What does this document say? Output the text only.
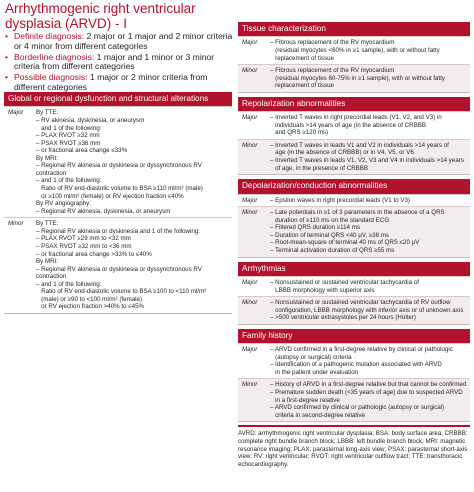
Arrhythmogenic right ventricular dysplasia (ARVD) - I
• Definite diagnosis: 2 major or 1 major and 2 minor criteria or 4 minor from different categories
• Borderline diagnosis: 1 major and 1 minor or 3 minor criteria from different categories
• Possible diagnosis: 1 major or 2 minor criteria from different categories
Global or regional dysfunction and structural alterations
Major	By TTE:
– RV akinesia, dyskinesia, or aneurysm
and 1 of the following:
– PLAX RVOT ≥32 mm
– PSAX RVOT ≥36 mm
– or fractional area change ≤33%
By MRI:
– Regional RV akinesia or dyskinesia or dyssynchronous RV contraction
– and 1 of the following:
Ratio of RV end-diastolic volume to BSA ≥110 ml/m² (male)
or ≥100 ml/m² (female) or RV ejection fraction ≤40%
By RV angiography:
– Regional RV akinesia, dyskinesia, or aneurysm
Minor	By TTE:
– Regional RV akinesia or dyskinesia and 1 of the following:
– PLAX RVOT ≥29 mm to <32 mm
– PSAX RVOT ≥32 mm to <36 mm
– or fractional area change >33% to ≤40%
By MRI:
– Regional RV akinesia or dyskinesia or dyssynchronous RV contraction
– and 1 of the following:
Ratio of RV end-diastolic volume to BSA ≥100 to <110 ml/m²
(male) or ≥90 to <100 ml/m² (female)
or RV ejection fraction >40% to ≤45%
Tissue characterization
Major	– Fibrous replacement of the RV myocardium
(residual myocytes <60% in ≥1 sample), with or without fatty
replacement of tissue
Minor	– Fibrous replacement of the RV myocardium
(residual myocytes 60-75% in ≥1 sample), with or without fatty
replacement of tissue
Repolarization abnormalities
Major	– Inverted T waves in right precordial leads (V1, V2, and V3) in
individuals >14 years of age (in the absence of CRBBB
and QRS ≥120 ms)
Minor	– Inverted T waves in leads V1 and V2 in individuals >14 years of
age (in the absence of CRBBB) or in V4, V5, or V6
– Inverted T waves in leads V1, V2, V3 and V4 in individuals >14 years
of age, in the presence of CRBBB
Depolarization/conduction abnormalities
Major	– Epsilon waves in right precordial leads (V1 to V3)
Minor	– Late potentials in ≥1 of 3 parameters in the absence of a QRS
duration of ≥110 ms on the standard ECG
– Filtered QRS duration ≥114 ms
– Duration of terminal QRS <40 μV, ≥38 ms
– Root-mean-square of terminal 40 ms of QRS ≤20 μV
– Terminal activation duration of QRS ≥55 ms
Arrhythmias
Major	– Nonsustained or sustained ventricular tachycardia of
LBBB morphology with superior axis
Minor	– Nonsustained or sustained ventricular tachycardia of RV outflow
configuration, LBBB morphology with inferior axis or of unknown axis
– >500 ventricular extrasystoles per 24 hours (Holter)
Family history
Major	– ARVD confirmed in a first-degree relative by clinical or pathologic
(autopsy or surgical) criteria
– Identification of a pathogenic mutation associated with ARVD
in the patient under evaluation
Minor	– History of ARVD in a first-degree relative but that cannot be confirmed
– Premature sudden death (<35 years of age) due to suspected ARVD
in a first-degree relative
– ARVD confirmed by clinical or pathologic (autopsy or surgical)
criteria in second-degree relative
AVRD: arrhythmogenic right ventricular dysplasia; BSA: body surface area; CRBBB: complete right bundle branch block; LBBB: left bundle branch block; MRI: magnetic resonance imaging; PLAX: parasternal long-axis view; PSAX: parasternal short-axis view; RV: right ventricular; RVOT: right ventricular outflow tract; TTE: transthoracic echocardiography.
